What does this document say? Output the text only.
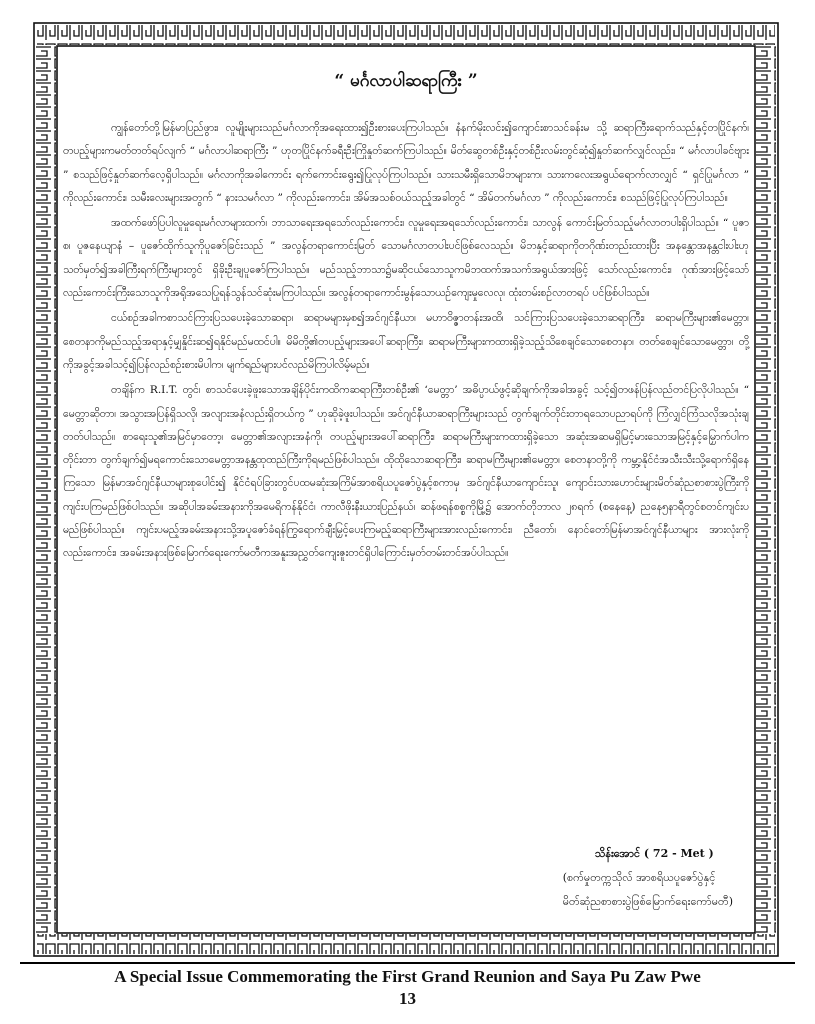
“ မင်္ဂလာပါဆရာကြီး ”

ကျွန်တော်တို့မြန်မာပြည်ဖွား၊ လူမျိုးများသည်မင်္ဂလာကိုအရေးထား၍ဦးစားပေးကြပါသည်။ နံနက်မိုးလင်း၍ကျောင်းစာသင်ခန်းမ သို့ ဆရာကြီးရောက်သည်နှင့်တပြိုင်နက်၊ တပည့်များကမတ်တတ်ရပ်လျက် “ မင်္ဂလာပါဆရာကြီး ” ဟုတပြိုင်နက်ခရီးဦးကြိုနှုတ်ဆက်ကြပါသည်။ မိတ်ဆွေတစ်ဦးနှင့်တစ်ဦးလမ်းတွင်ဆုံ၍နှုတ်ဆက်လျှင်လည်း၊ “ မင်္ဂလာပါခင်ဗျား ” စသည်ဖြင့်နှုတ်ဆက်လေ့ရှိပါသည်။ မင်္ဂလာကိုအခါကောင်း ရက်ကောင်းရွေး၍ပြုလုပ်ကြပါသည်။ သားသမီးရှိသောမိဘများက၊ သားကလေးအရွယ်ရောက်လာလျှင် “ ရှင်ပြုမင်္ဂလာ ” ကိုလည်းကောင်း၊ သမီးလေးများအတွက် “ နားသမင်္ဂလာ ” ကိုလည်းကောင်း၊ အိမ်အသစ်ဝယ်သည့်အခါတွင် “ အိမ်တက်မင်္ဂလာ ” ကိုလည်းကောင်း၊ စသည်ဖြင့်ပြုလုပ်ကြပါသည်။

အထက်ဖော်ပြပါလူမှုရေးမင်္ဂလာများထက်၊ ဘာသာရေးအရသော်လည်းကောင်း၊ လူမှုရေးအရသော်လည်းကောင်း၊ သာလွန် ကောင်းမြတ်သည့်မင်္ဂလာတပါးရှိပါသည်။ “ ပူဇာစ၊ ပူဇနေယျာနံ – ပူဇော်ထိုက်သူကိုပူဇော်ခြင်းသည် ” အလွန်တရာကောင်းမြတ် သောမင်္ဂလာတပါးပင်ဖြစ်လေသည်။ မိဘနှင့်ဆရာကိုတဂိုဏ်းတည်းထားပြီး အနန္တောအနန္တငါးပါးဟုသတ်မှတ်၍အခါကြီးရက်ကြီးများတွင် ရှိခိုးဦးချပူဇော်ကြပါသည်။ မည်သည့်ဘာသာ၌မဆိုငယ်သောသူကမိဘထက်အသက်အရွယ်အားဖြင့် သော်လည်းကောင်း၊ ဂုဏ်အားဖြင့်သော် လည်းကောင်းကြီးသောသူကိုအရိုအသေပြုရန်သွန်သင်ဆုံးမကြပါသည်။ အလွန်တရာကောင်းမွန်သောယဉ်ကျေးမှုလေလု၊ ထုံးတမ်းစဉ်လာတရပ် ပင်ဖြစ်ပါသည်။

ငယ်စဉ်အခါကစာသင်ကြားပြသပေးခဲ့သောဆရာ၊ ဆရာမများမှစ၍အင်ဂျင်နီယာ၊ မဟာဝိဇ္ဇာတန်းအထိ၊ သင်ကြားပြသပေးခဲ့သောဆရာကြီး၊ ဆရာမကြီးများ၏မေတ္တာ၊ စေတနာကိုမည်သည့်အရာနှင့်မျှနှိုင်းဆ၍ရနိုင်မည်မထင်ပါ။ မိမိတို့၏တပည့်များအပေါ်ဆရာကြီး၊ ဆရာမကြီးများကထားရှိခဲ့သည့်သိစေချင်သောစေတနာ၊ တတ်စေချင်သောမေတ္တာ၊ တို့ကိုအခွင့်အခါသင့်၍ပြန်လည်စဉ်းစားမိပါက၊ မျက်ရည်များပင်လည်မိကြပါလိမ့်မည်။

တချိန်က R.I.T. တွင်၊ စာသင်ပေးခဲ့ဖူးသောအချိန်ပိုင်းကထိကဆရာကြီးတစ်ဦး၏ ‘မေတ္တာ’ အဓိပ္ပာယ်ဖွင့်ဆိုချက်ကိုအခါအခွင့် သင့်၍တဖန်ပြန်လည်တင်ပြလိုပါသည်။ “ မေတ္တာဆိုတာ၊ အသွားအပြန်ရှိသလို၊ အလျားအနံလည်းရှိတယ်ကွ ” ဟုဆိုခဲ့ဖူးပါသည်။ အင်ဂျင်နီယာဆရာကြီးများသည် တွက်ချက်တိုင်းတာရသောပညာရပ်ကို ကြံလျှင်ကြံသလိုအသုံးချတတ်ပါသည်။ စာရေးသူ၏အမြင်မှာတော့၊ မေတ္တာ၏အလျားအနံကို၊ တပည့်များအပေါ်ဆရာကြီး၊ ဆရာမကြီးများကထားရှိခဲ့သော အဆုံးအဆမရှိမြင့်မားသောအမြင့်နှင့်မြှောက်ပါကတိုင်းတာ တွက်ချက်၍မရကောင်းသောမေတ္တာအနန္တထုထည်ကြီးကိုရမည်ဖြစ်ပါသည်။ ထိုထိုသောဆရာကြီး၊ ဆရာမကြီးများ၏မေတ္တာ၊ စေတနာတို့ကို ကမ္ဘာ့နိုင်ငံအသီးသီးသို့ရောက်ရှိနေကြသော မြန်မာအင်ဂျင်နီယာများစုပေါင်း၍ နိုင်ငံရပ်ခြားတွင်ပထမဆုံးအကြိမ်အာစရိယပူဇော်ပွဲနှင့်စကာမှ အင်ဂျင်နီယာကျောင်းသူ၊ ကျောင်းသားဟောင်းများမိတ်ဆုံညစာစားပွဲကြီးကိုကျင်းပကြမည်ဖြစ်ပါသည်။ အဆိုပါအခမ်းအနားကိုအမေရိကန်နိုင်ငံ၊ ကာလီဖိုးနီးယားပြည်နယ်၊ ဆန်ဖရန်စစ္စကိုမြို့၌ အောက်တိုဘာလ ၂၈ရက် (စနေနေ့) ညနေ၅နာရီတွင်စတင်ကျင်းပမည်ဖြစ်ပါသည်။ ကျင်းပမည့်အခမ်းအနားသို့အပူဇော်ခံရန်ကြွရောက်ချီးမြှင့်ပေးကြမည့်ဆရာကြီးများအားလည်းကောင်း၊ ညီတော်၊ နောင်တော်မြန်မာအင်ဂျင်နီယာများ အားလုံးကိုလည်းကောင်း၊ အခမ်းအနားဖြစ်မြောက်ရေးကော်မတီကအနူးအညွှတ်ကျေးဇူးတင်ရှိပါကြောင်းမှတ်တမ်းတင်အပ်ပါသည်။

သိန်းအောင် ( 72 - Met )
(စက်မှုတက္ကသိုလ် အာစရိယပူဇော်ပွဲနှင့်
မိတ်ဆုံညစာစားပွဲဖြစ်မြောက်ရေးကော်မတီ)
A Special Issue Commemorating the First Grand Reunion and Saya Pu Zaw Pwe
13
